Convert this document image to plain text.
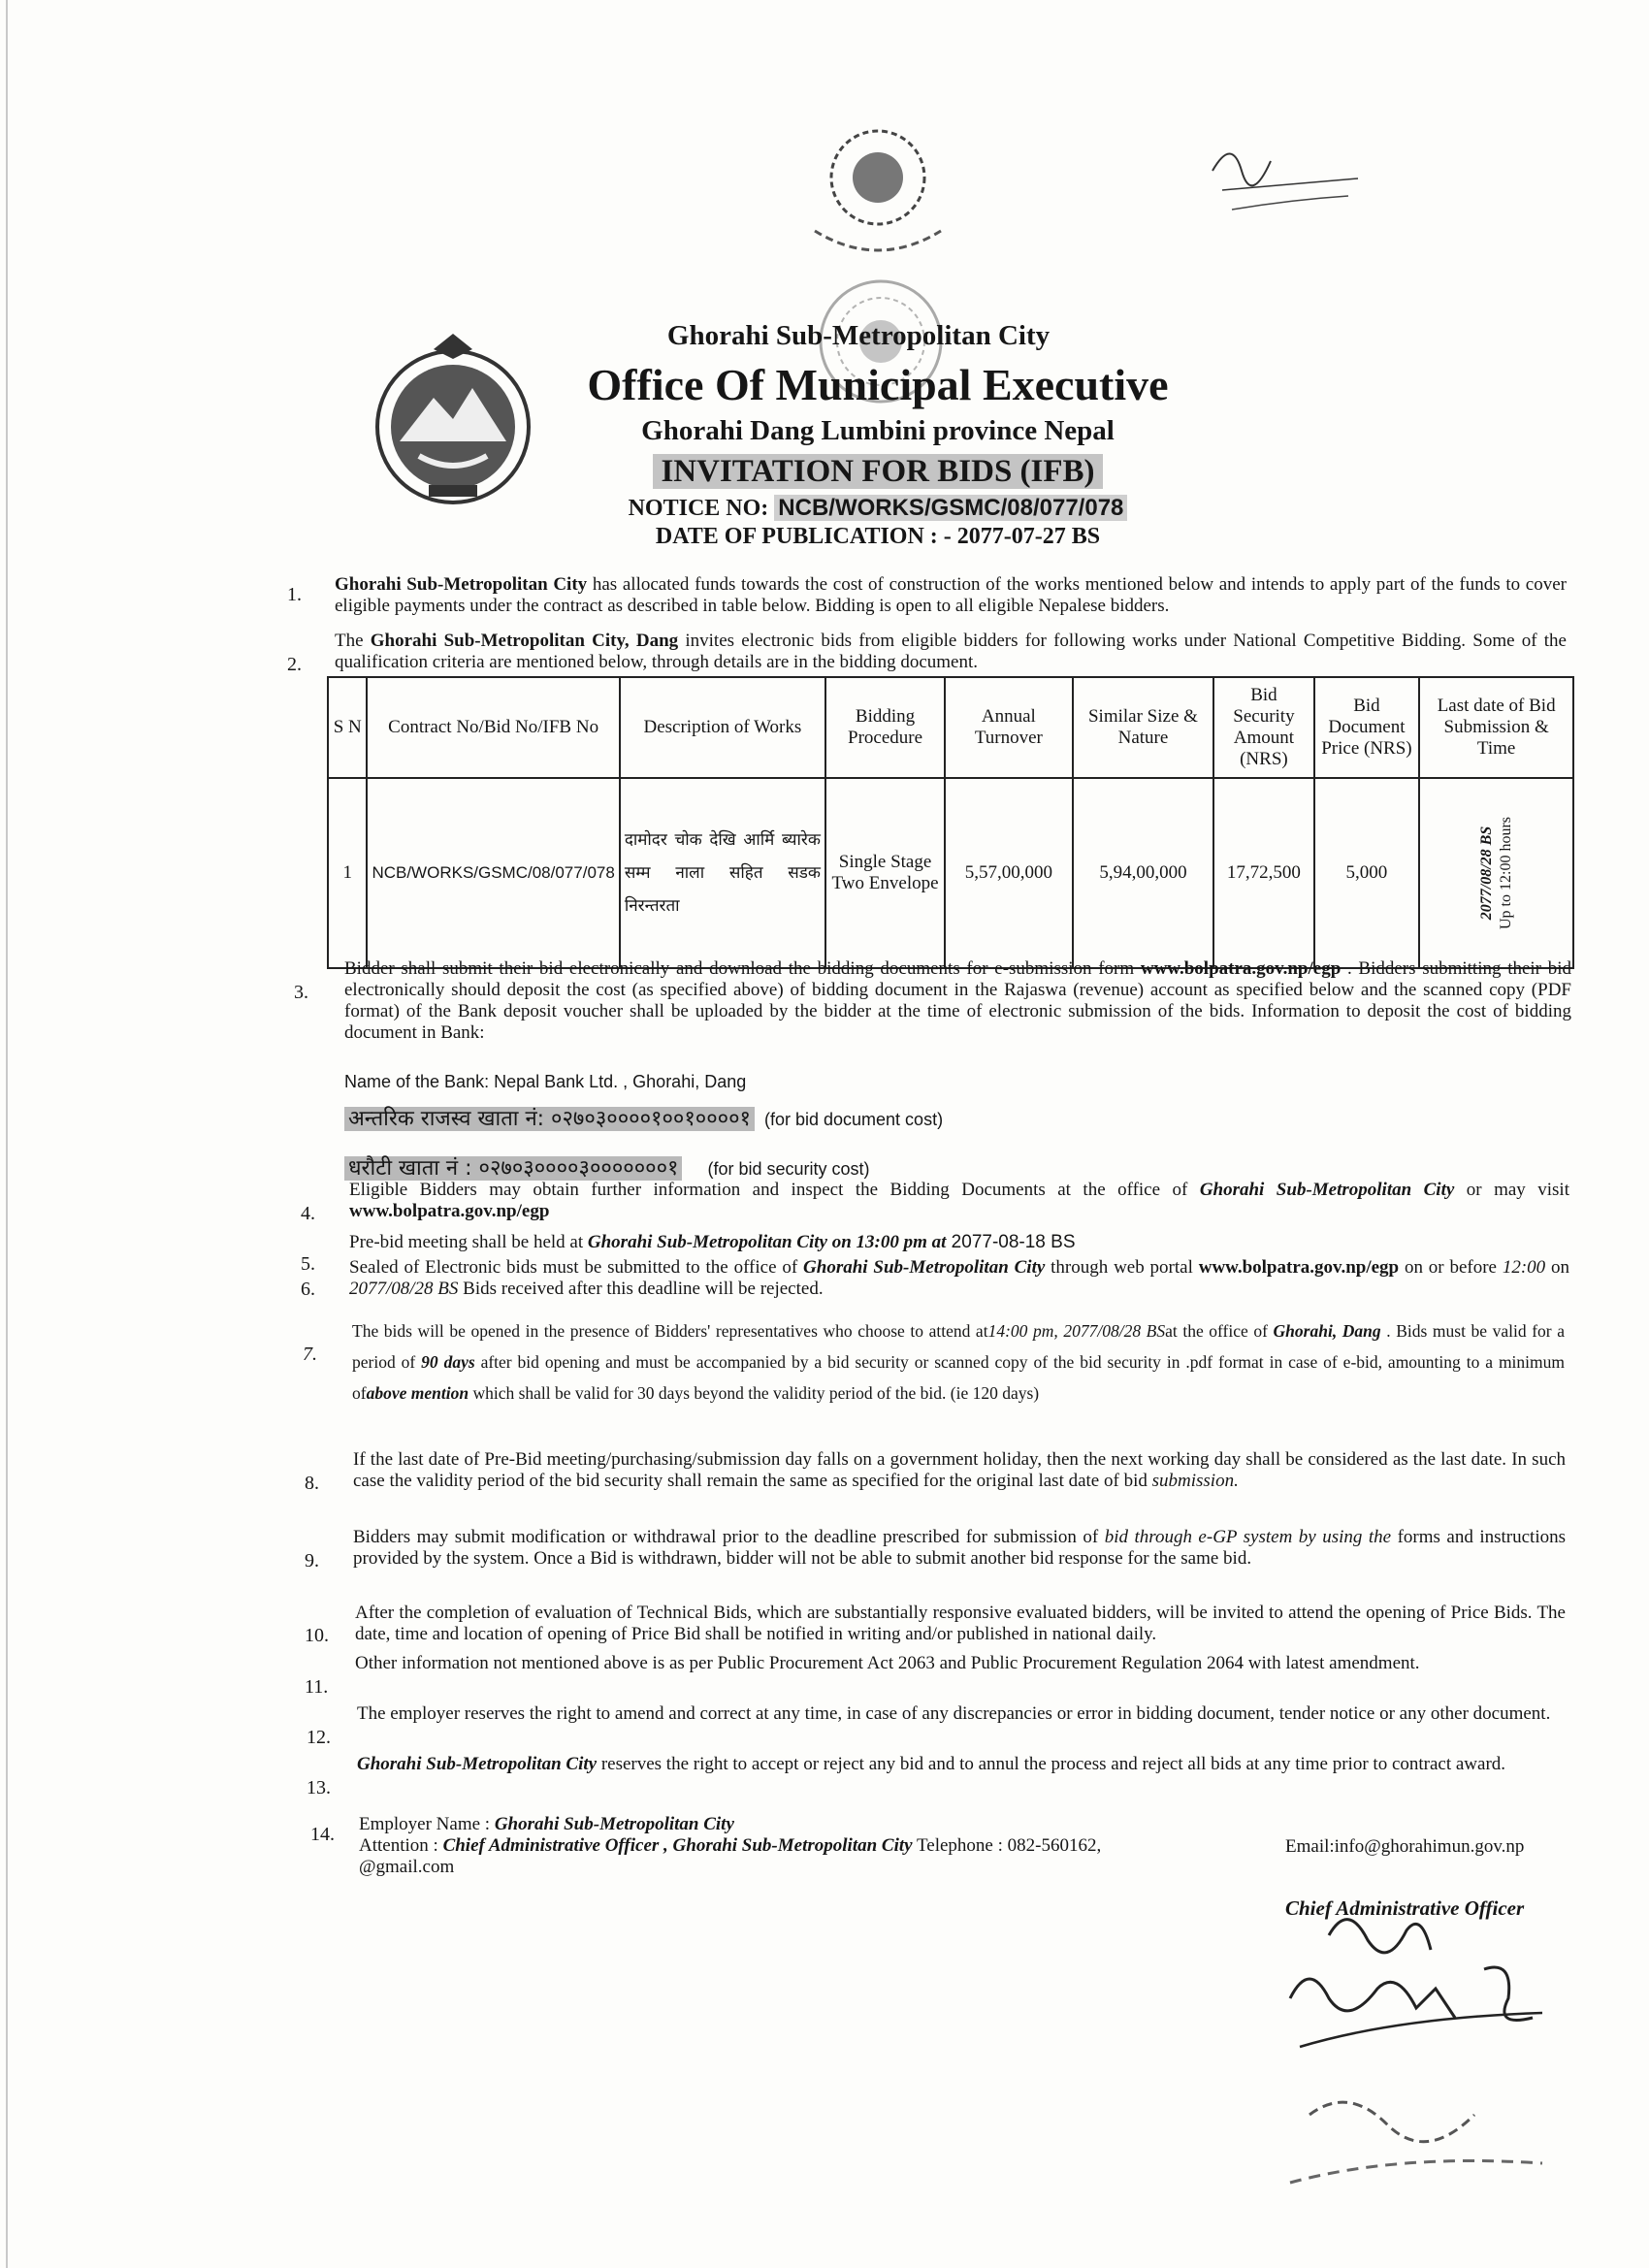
Ghorahi Sub-Metropolitan City
Office Of Municipal Executive
Ghorahi Dang Lumbini province Nepal
INVITATION FOR BIDS (IFB)
NOTICE NO: NCB/WORKS/GSMC/08/077/078
DATE OF PUBLICATION : - 2077-07-27 BS
1. Ghorahi Sub-Metropolitan City has allocated funds towards the cost of construction of the works mentioned below and intends to apply part of the funds to cover eligible payments under the contract as described in table below. Bidding is open to all eligible Nepalese bidders.
2.
The Ghorahi Sub-Metropolitan City, Dang invites electronic bids from eligible bidders for following works under National Competitive Bidding. Some of the qualification criteria are mentioned below, through details are in the bidding document.
S N	Contract No/Bid No/IFB No	Description of Works	Bidding Procedure	Annual Turnover	Similar Size & Nature	Bid Security Amount (NRS)	Bid Document Price (NRS)	Last date of Bid Submission & Time
1	NCB/WORKS/GSMC/08/077/078	दामोदर चोक देखि आर्मि ब्यारेक सम्म नाला सहित सडक निरन्तरता	Single Stage Two Envelope	5,57,00,000	5,94,00,000	17,72,500	5,000	2077/08/28 BS Up to 12:00 hours
3.
Bidder shall submit their bid electronically and download the bidding documents for e-submission form www.bolpatra.gov.np/egp . Bidders submitting their bid electronically should deposit the cost (as specified above) of bidding document in the Rajaswa (revenue) account as specified below and the scanned copy (PDF format) of the Bank deposit voucher shall be uploaded by the bidder at the time of electronic submission of the bids. Information to deposit the cost of bidding document in Bank:
Name of the Bank: Nepal Bank Ltd. , Ghorahi, Dang
अन्तरिक राजस्व खाता नं: ०२७०३००००१००१००००१ (for bid document cost)
धरौटी खाता नं : ०२७०३००००३०००००००१ (for bid security cost)
4.
Eligible Bidders may obtain further information and inspect the Bidding Documents at the office of Ghorahi Sub-Metropolitan City or may visit www.bolpatra.gov.np/egp
5.
Pre-bid meeting shall be held at Ghorahi Sub-Metropolitan City on 13:00 pm at 2077-08-18 BS
6.
Sealed of Electronic bids must be submitted to the office of Ghorahi Sub-Metropolitan City through web portal www.bolpatra.gov.np/egp on or before 12:00 on 2077/08/28 BS Bids received after this deadline will be rejected.
7.
The bids will be opened in the presence of Bidders' representatives who choose to attend at14:00 pm, 2077/08/28 BSat the office of Ghorahi, Dang . Bids must be valid for a period of 90 days after bid opening and must be accompanied by a bid security or scanned copy of the bid security in .pdf format in case of e-bid, amounting to a minimum ofabove mention which shall be valid for 30 days beyond the validity period of the bid. (ie 120 days)
8.
If the last date of Pre-Bid meeting/purchasing/submission day falls on a government holiday, then the next working day shall be considered as the last date. In such case the validity period of the bid security shall remain the same as specified for the original last date of bid submission.
9.
Bidders may submit modification or withdrawal prior to the deadline prescribed for submission of bid through e-GP system by using the forms and instructions provided by the system. Once a Bid is withdrawn, bidder will not be able to submit another bid response for the same bid.
10.
After the completion of evaluation of Technical Bids, which are substantially responsive evaluated bidders, will be invited to attend the opening of Price Bids. The date, time and location of opening of Price Bid shall be notified in writing and/or published in national daily.
11.
Other information not mentioned above is as per Public Procurement Act 2063 and Public Procurement Regulation 2064 with latest amendment.
12.
The employer reserves the right to amend and correct at any time, in case of any discrepancies or error in bidding document, tender notice or any other document.
13.
Ghorahi Sub-Metropolitan City reserves the right to accept or reject any bid and to annul the process and reject all bids at any time prior to contract award.
14. Employer Name : Ghorahi Sub-Metropolitan City
Attention : Chief Administrative Officer , Ghorahi Sub-Metropolitan City Telephone : 082-560162,
@gmail.com
Email:info@ghorahimun.gov.np
Chief Administrative Officer
